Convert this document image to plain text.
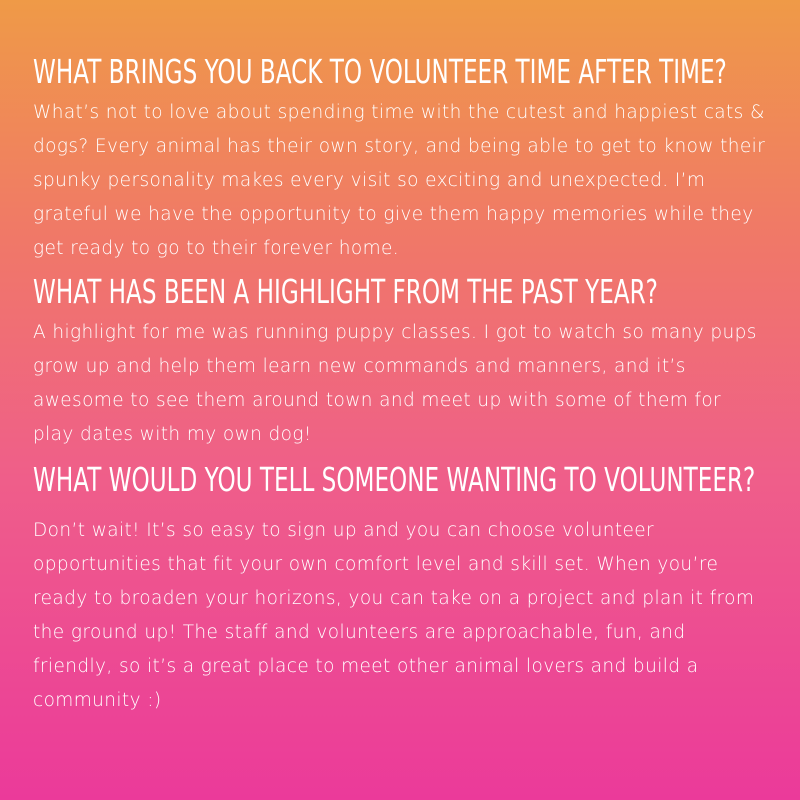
WHAT BRINGS YOU BACK TO VOLUNTEER TIME AFTER TIME?

What’s not to love about spending time with the cutest and happiest cats & dogs? Every animal has their own story, and being able to get to know their spunky personality makes every visit so exciting and unexpected. I’m grateful we have the opportunity to give them happy memories while they get ready to go to their forever home.

WHAT HAS BEEN A HIGHLIGHT FROM THE PAST YEAR?

A highlight for me was running puppy classes. I got to watch so many pups grow up and help them learn new commands and manners, and it’s awesome to see them around town and meet up with some of them for play dates with my own dog!

WHAT WOULD YOU TELL SOMEONE WANTING TO VOLUNTEER?

Don’t wait! It’s so easy to sign up and you can choose volunteer opportunities that fit your own comfort level and skill set. When you’re ready to broaden your horizons, you can take on a project and plan it from the ground up! The staff and volunteers are approachable, fun, and friendly, so it’s a great place to meet other animal lovers and build a community :)
